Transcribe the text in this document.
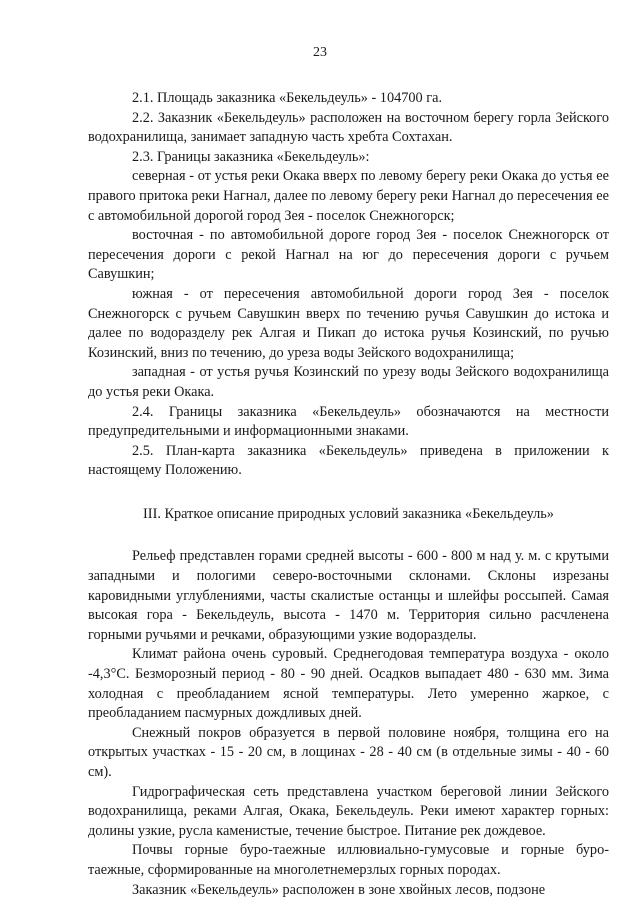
23

2.1. Площадь заказника «Бекельдеуль» - 104700 га.

2.2. Заказник «Бекельдеуль» расположен на восточном берегу горла Зейского водохранилища, занимает западную часть хребта Сохтахан.

2.3. Границы заказника «Бекельдеуль»:

северная - от устья реки Окака вверх по левому берегу реки Окака до устья ее правого притока реки Нагнал, далее по левому берегу реки Нагнал до пересечения ее с автомобильной дорогой город Зея - поселок Снежногорск;

восточная - по автомобильной дороге город Зея - поселок Снежногорск от пересечения дороги с рекой Нагнал на юг до пересечения дороги с ручьем Савушкин;

южная - от пересечения автомобильной дороги город Зея - поселок Снежногорск с ручьем Савушкин вверх по течению ручья Савушкин до истока и далее по водоразделу рек Алгая и Пикап до истока ручья Козинский, по ручью Козинский, вниз по течению, до уреза воды Зейского водохранилища;

западная - от устья ручья Козинский по урезу воды Зейского водохранилища до устья реки Окака.

2.4. Границы заказника «Бекельдеуль» обозначаются на местности предупредительными и информационными знаками.

2.5. План-карта заказника «Бекельдеуль» приведена в приложении к настоящему Положению.

III. Краткое описание природных условий заказника «Бекельдеуль»

Рельеф представлен горами средней высоты - 600 - 800 м над у. м. с крутыми западными и пологими северо-восточными склонами. Склоны изрезаны каровидными углублениями, часты скалистые останцы и шлейфы россыпей. Самая высокая гора - Бекельдеуль, высота - 1470 м. Территория сильно расчленена горными ручьями и речками, образующими узкие водоразделы.

Климат района очень суровый. Среднегодовая температура воздуха - около -4,3°С. Безморозный период - 80 - 90 дней. Осадков выпадает 480 - 630 мм. Зима холодная с преобладанием ясной температуры. Лето умеренно жаркое, с преобладанием пасмурных дождливых дней.

Снежный покров образуется в первой половине ноября, толщина его на открытых участках - 15 - 20 см, в лощинах - 28 - 40 см (в отдельные зимы - 40 - 60 см).

Гидрографическая сеть представлена участком береговой линии Зейского водохранилища, реками Алгая, Окака, Бекельдеуль. Реки имеют характер горных: долины узкие, русла каменистые, течение быстрое. Питание рек дождевое.

Почвы горные буро-таежные иллювиально-гумусовые и горные буро-таежные, сформированные на многолетнемерзлых горных породах.

Заказник «Бекельдеуль» расположен в зоне хвойных лесов, подзоне
